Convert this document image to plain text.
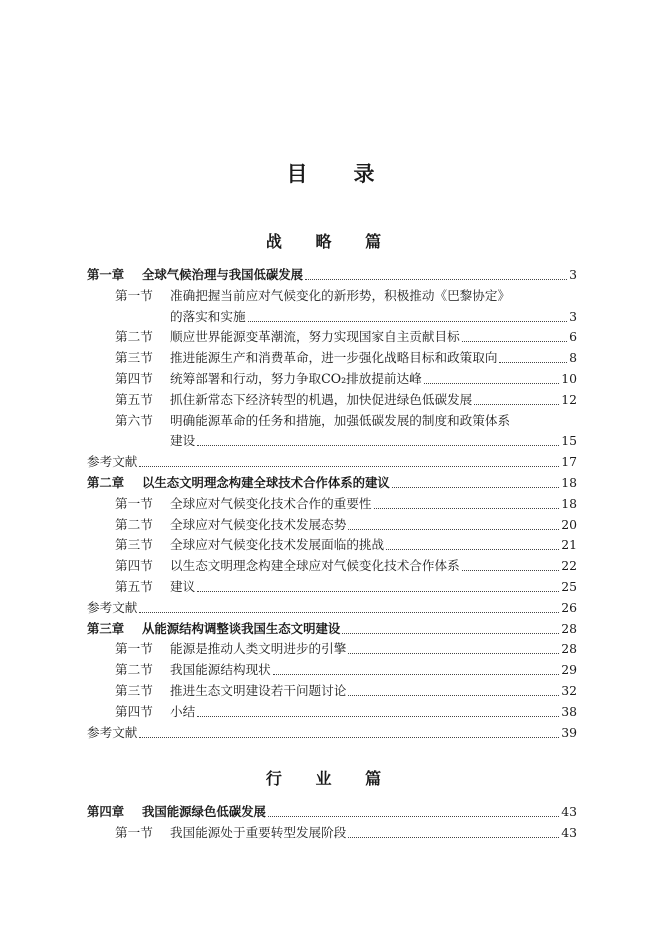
目 录
战 略 篇
第一章	全球气候治理与我国低碳发展	3
第一节	准确把握当前应对气候变化的新形势，积极推动《巴黎协定》
的落实和实施	3
第二节	顺应世界能源变革潮流，努力实现国家自主贡献目标	6
第三节	推进能源生产和消费革命，进一步强化战略目标和政策取向	8
第四节	统筹部署和行动，努力争取CO₂排放提前达峰	10
第五节	抓住新常态下经济转型的机遇，加快促进绿色低碳发展	12
第六节	明确能源革命的任务和措施，加强低碳发展的制度和政策体系
建设	15
参考文献	17
第二章	以生态文明理念构建全球技术合作体系的建议	18
第一节	全球应对气候变化技术合作的重要性	18
第二节	全球应对气候变化技术发展态势	20
第三节	全球应对气候变化技术发展面临的挑战	21
第四节	以生态文明理念构建全球应对气候变化技术合作体系	22
第五节	建议	25
参考文献	26
第三章	从能源结构调整谈我国生态文明建设	28
第一节	能源是推动人类文明进步的引擎	28
第二节	我国能源结构现状	29
第三节	推进生态文明建设若干问题讨论	32
第四节	小结	38
参考文献	39
行 业 篇
第四章	我国能源绿色低碳发展	43
第一节	我国能源处于重要转型发展阶段	43
